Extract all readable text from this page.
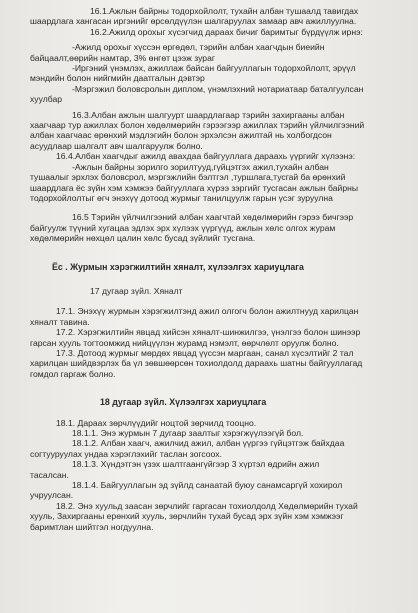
16.1.Ажлын байрны тодорхойлолт, тухайн албан тушаалд тавигдах
шаардлага хангасан иргэнийг өрсөлдүүлэн шалгаруулах замаар авч ажиллуулна.
16.2.Ажилд орохыг хүсэгчид дараах бичиг баримтыг бүрдүүлж ирнэ:
-Ажилд орохыг хүссэн өргөдөл, тэрийн албан хаагчдын биеийн
байцаалт,өөрийн намтар, 3% өнгөт цээж зураг
-Иргэний үнэмлэх, ажиллаж байсан байгууллагын тодорхойлолт, эрүүл
мэндийн болон нийгмийн даатгалын дэвтэр
-Мэргэжил боловсролын диплом, үнэмлэхний нотариатаар баталгуулсан
хуулбар
16.3.Албан ажлын шалгуурт шаардлагаар тэрийн захиргааны албан
хаагчаар тур ажиллах болон хөдөлмөрийн гэрээгээр ажиллах тэрийн үйлчилгээний
албан хаагчаас өрөнхий мэдлэгийн болон эрхэлсэн ажилтай нь холбогдсон
асуудлаар шалгалт авч шалгаруулж болно.
16.4.Албан хаагчдыг ажилд авахдаа байгууллага дараахь үүргийг хүлээнэ:
-Ажлын байрны зорилго зорилтууд,гүйцэтгэх ажил,тухайн албан
тушаалыг эрхлэх боловсрол, мэргэжлийн бэлтгэл ,туршлага,тусгай ба өрөнхий
шаардлага ёс зүйн хэм хэмжээ байгууллага хүрээ зэргийг тусгасан ажлын байрны
тодорхойлолтыг өгч энэхүү дотоод журмыг танилцуулж гарын үсэг зуруулна
16.5 Тэрийн үйлчилгээний албан хаагчтай хөдөлмөрийн гэрээ бичгээр
байгуулж түүний хугацаа эдлэх эрх хүлээх үүргүүд, ажлын хөлс олгох журам
хөдөлмөрийн нөхцөл цалин хөлс бусад зүйлийг тусгана.
Ёс . Журмын хэрэгжилтийн хяналт, хүлээлгэх хариуцлага
17 дугаар зүйл. Хяналт
17.1. Энэхүү журмын хэрэгжилтэнд ажил олгогч болон ажилтнууд харилцан
хяналт тавина.
17.2. Хэрэгжилтийн явцад хийсэн хяналт-шинжилгээ, үнэлгээ болон шинээр
гарсан хууль тогтоомжид нийцүүлэн журамд нэмэлт, өөрчлөлт оруулж болно.
17.3. Дотоод журмыг мөрдөх явцад үүссэн маргаан, санал хүсэлтийг 2 тал
харилцан шийдвэрлэх ба үл зөвшөөрсөн тохиолдолд дараахь шатны байгууллагад
гомдол гаргаж болно.
18 дугаар зүйл. Хүлээлгэх хариуцлага
18.1. Дараах зөрчлүүдийг ноцтой зөрчилд тооцно.
18.1.1. Энэ журмын 7 дугаар заалтыг хэрэгжүүлээгүй бол.
18.1.2. Албан хаагч, ажилчид ажил, албан үүргээ гүйцэтгэж байхдаа
согтууруулах ундаа хэрэглэхийг таслан зогсоох.
18.1.3. Хүндэтгэн үзэх шалтгаангүйгээр 3 хүртэл өдрийн ажил
тасалсан.
18.1.4. Байгууллагын эд зүйлд санаатай буюу санамсаргүй хохирол
учруулсан.
18.2. Энэ хуульд заасан зөрчлийг гаргасан тохиолдолд Хөдөлмөрийн тухай
хууль, Захиргааны ерөнхий хууль, зөрчлийн тухай бусад эрх зүйн хэм хэмжээг
баримтлан шийтгэл ногдуулна.
